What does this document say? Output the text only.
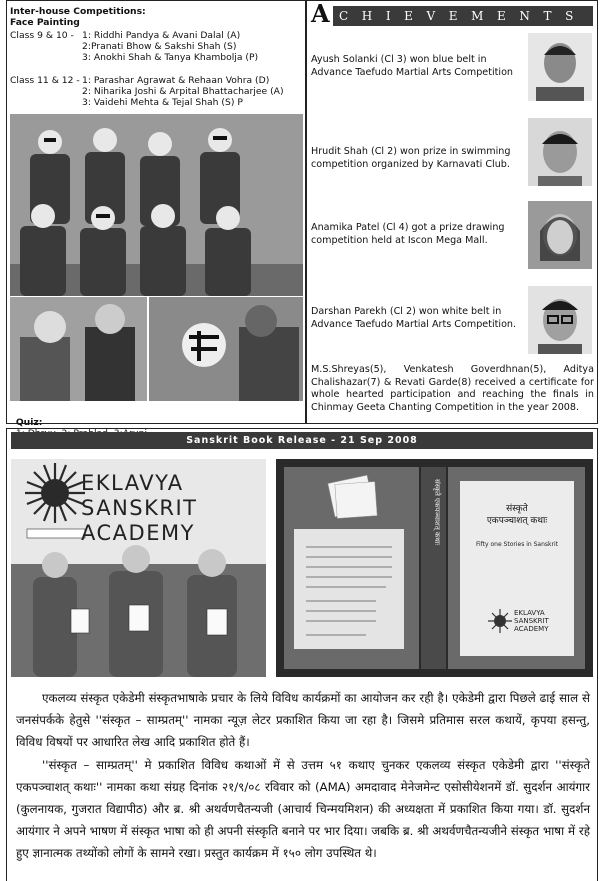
Inter-house Competitions:
Face Painting
Class 9 & 10 - 1: Riddhi Pandya & Avani Dalal (A)
2:Pranati Bhow & Sakshi Shah (S)
3: Anokhi Shah & Tanya Khambolja (P)
Class 11 & 12 - 1: Parashar Agrawat & Rehaan Vohra (D)
2: Niharika Joshi & Arpital Bhattacharjee (A)
3: Vaidehi Mehta & Tejal Shah (S) P

Quiz:

A CHIEVEMENTS
Ayush Solanki (Cl 3) won blue belt in Advance Taefudo Martial Arts Competition
Hrudit Shah (Cl 2) won prize in swimming competition organized by Karnavati Club.
Anamika Patel (Cl 4) got a prize drawing competition held at Iscon Mega Mall.
Darshan Parekh (Cl 2) won white belt in Advance Taefudo Martial Arts Competition.
M.S.Shreyas(5), Venkatesh Goverdhnan(5), Aditya Chalishazar(7) & Revati Garde(8) received a certificate for whole hearted participation and reaching the finals in Chinmay Geeta Chanting Competition in the year 2008.
Sanskrit Book Release - 21 Sep 2008
EKLAVYA
SANSKRIT
ACADEMY
संस्कृते
एकपञ्चाशत् कथाः
Fifty one Stories in Sanskrit
EKLAVYA
SANSKRIT
ACADEMY
संस्कृते एकपञ्चाशत् कथाः
एकलव्य संस्कृत एकेडेमी संस्कृतभाषाके प्रचार के लिये विविध कार्यक्रमों का आयोजन कर रही है। एकेडेमी द्वारा पिछले ढाई साल से जनसंपर्कके हेतुसे ''संस्कृत – साम्प्रतम्'' नामका न्यूज़ लेटर प्रकाशित किया जा रहा है। जिसमे प्रतिमास सरल कथायें, कृपया हसन्तु, विविध विषयों पर आधारित लेख आदि प्रकाशित होते हैं।
''संस्कृत – साम्प्रतम्'' मे प्रकाशित विविध कथाओं में से उत्तम ५१ कथाए चुनकर एकलव्य संस्कृत एकेडेमी द्वारा ''संस्कृते एकपञ्चाशत् कथाः'' नामका कथा संग्रह दिनांक २१/९/०८ रविवार को (AMA) अमदावाद मेनेजमेन्ट एसोसीयेशनमें डॉ. सुदर्शन आयंगार (कुलनायक, गुजरात विद्यापीठ) और ब्र. श्री अथर्वणचैतन्यजी (आचार्य चिन्मयमिशन) की अध्यक्षता में प्रकाशित किया गया। डॉ. सुदर्शन आयंगार ने अपने भाषण में संस्कृत भाषा को ही अपनी संस्कृति बनाने पर भार दिया। जबकि ब्र. श्री अथर्वणचैतन्यजीने संस्कृत भाषा में रहे हुए ज्ञानात्मक तथ्योंको लोगों के सामने रखा। प्रस्तुत कार्यक्रम में १५० लोग उपस्थित थे।
